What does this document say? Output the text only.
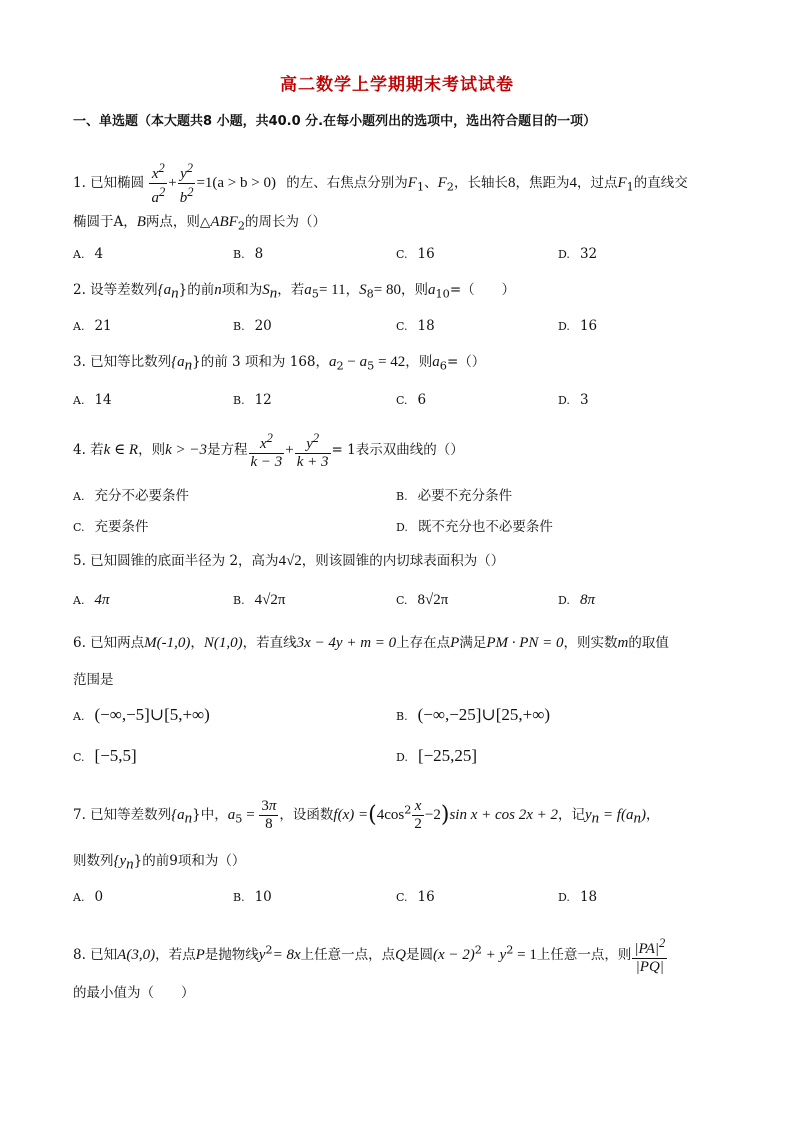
高二数学上学期期末考试试卷
一、单选题（本大题共8 小题，共40.0 分.在每小题列出的选项中，选出符合题目的一项）
1. 已知椭圆 $\frac{x^2}{a^2} + \frac{y^2}{b^2} =1(a > b > 0)$ 的左、右焦点分别为$F_1$、$F_2$，长轴长8，焦距为4，过点$F_1$的直线交
椭圆于A，B两点，则$\triangle ABF_2$的周长为（）
A. 4	B. 8	C. 16	D. 32
2. 设等差数列$\{a_n\}$的前n项和为$S_n$，若$a_5= 11$，$S_8= 80$，则$a_{10}=$（　　）
A. 21	B. 20	C. 18	D. 16
3. 已知等比数列$\{a_n\}$的前 3 项和为 168，$a_2 - a_5 = 42$，则$a_6=()$
A. 14	B. 12	C. 6	D. 3
4. 若k ∈ R，则k > −3是方程 $\frac{x^2}{k - 3} + \frac{y^2}{k + 3} = 1$表示双曲线的（）
A. 充分不必要条件	B. 必要不充分条件
C. 充要条件	D. 既不充分也不必要条件
5. 已知圆锥的底面半径为 2，高为4√2，则该圆锥的内切球表面积为（）
A. 4π	B. 4√2π	C. 8√2π	D. 8π
6. 已知两点M(-1,0)，N(1,0)，若直线3x − 4y + m = 0上存在点P满足PM · PN = 0，则实数m的取值
范围是
A. (−∞,−5]∪[5,+∞)	B. (−∞,−25]∪[25,+∞)
C. [−5,5]	D. [−25,25]
7. 已知等差数列$\{a_n\}$中，$a_5 = \frac{3\pi}{8}$ ，设函数$f(x) =(4\cos^2 \frac{x}{2} -2)\sin$ x + cos 2x + 2，记$y_n = f(a_n)$，
则数列$\{y_n\}$的前9项和为（）
A. 0	B. 10	C. 16	D. 18
8. 已知A(3,0)，若点P是抛物线$y^2= 8x$上任意一点，点Q是圆$(x - 2)^2 + y^2 = 1$上任意一点，则 $\frac{|PA|^2}{|PQ|}$
的最小值为（　　）
